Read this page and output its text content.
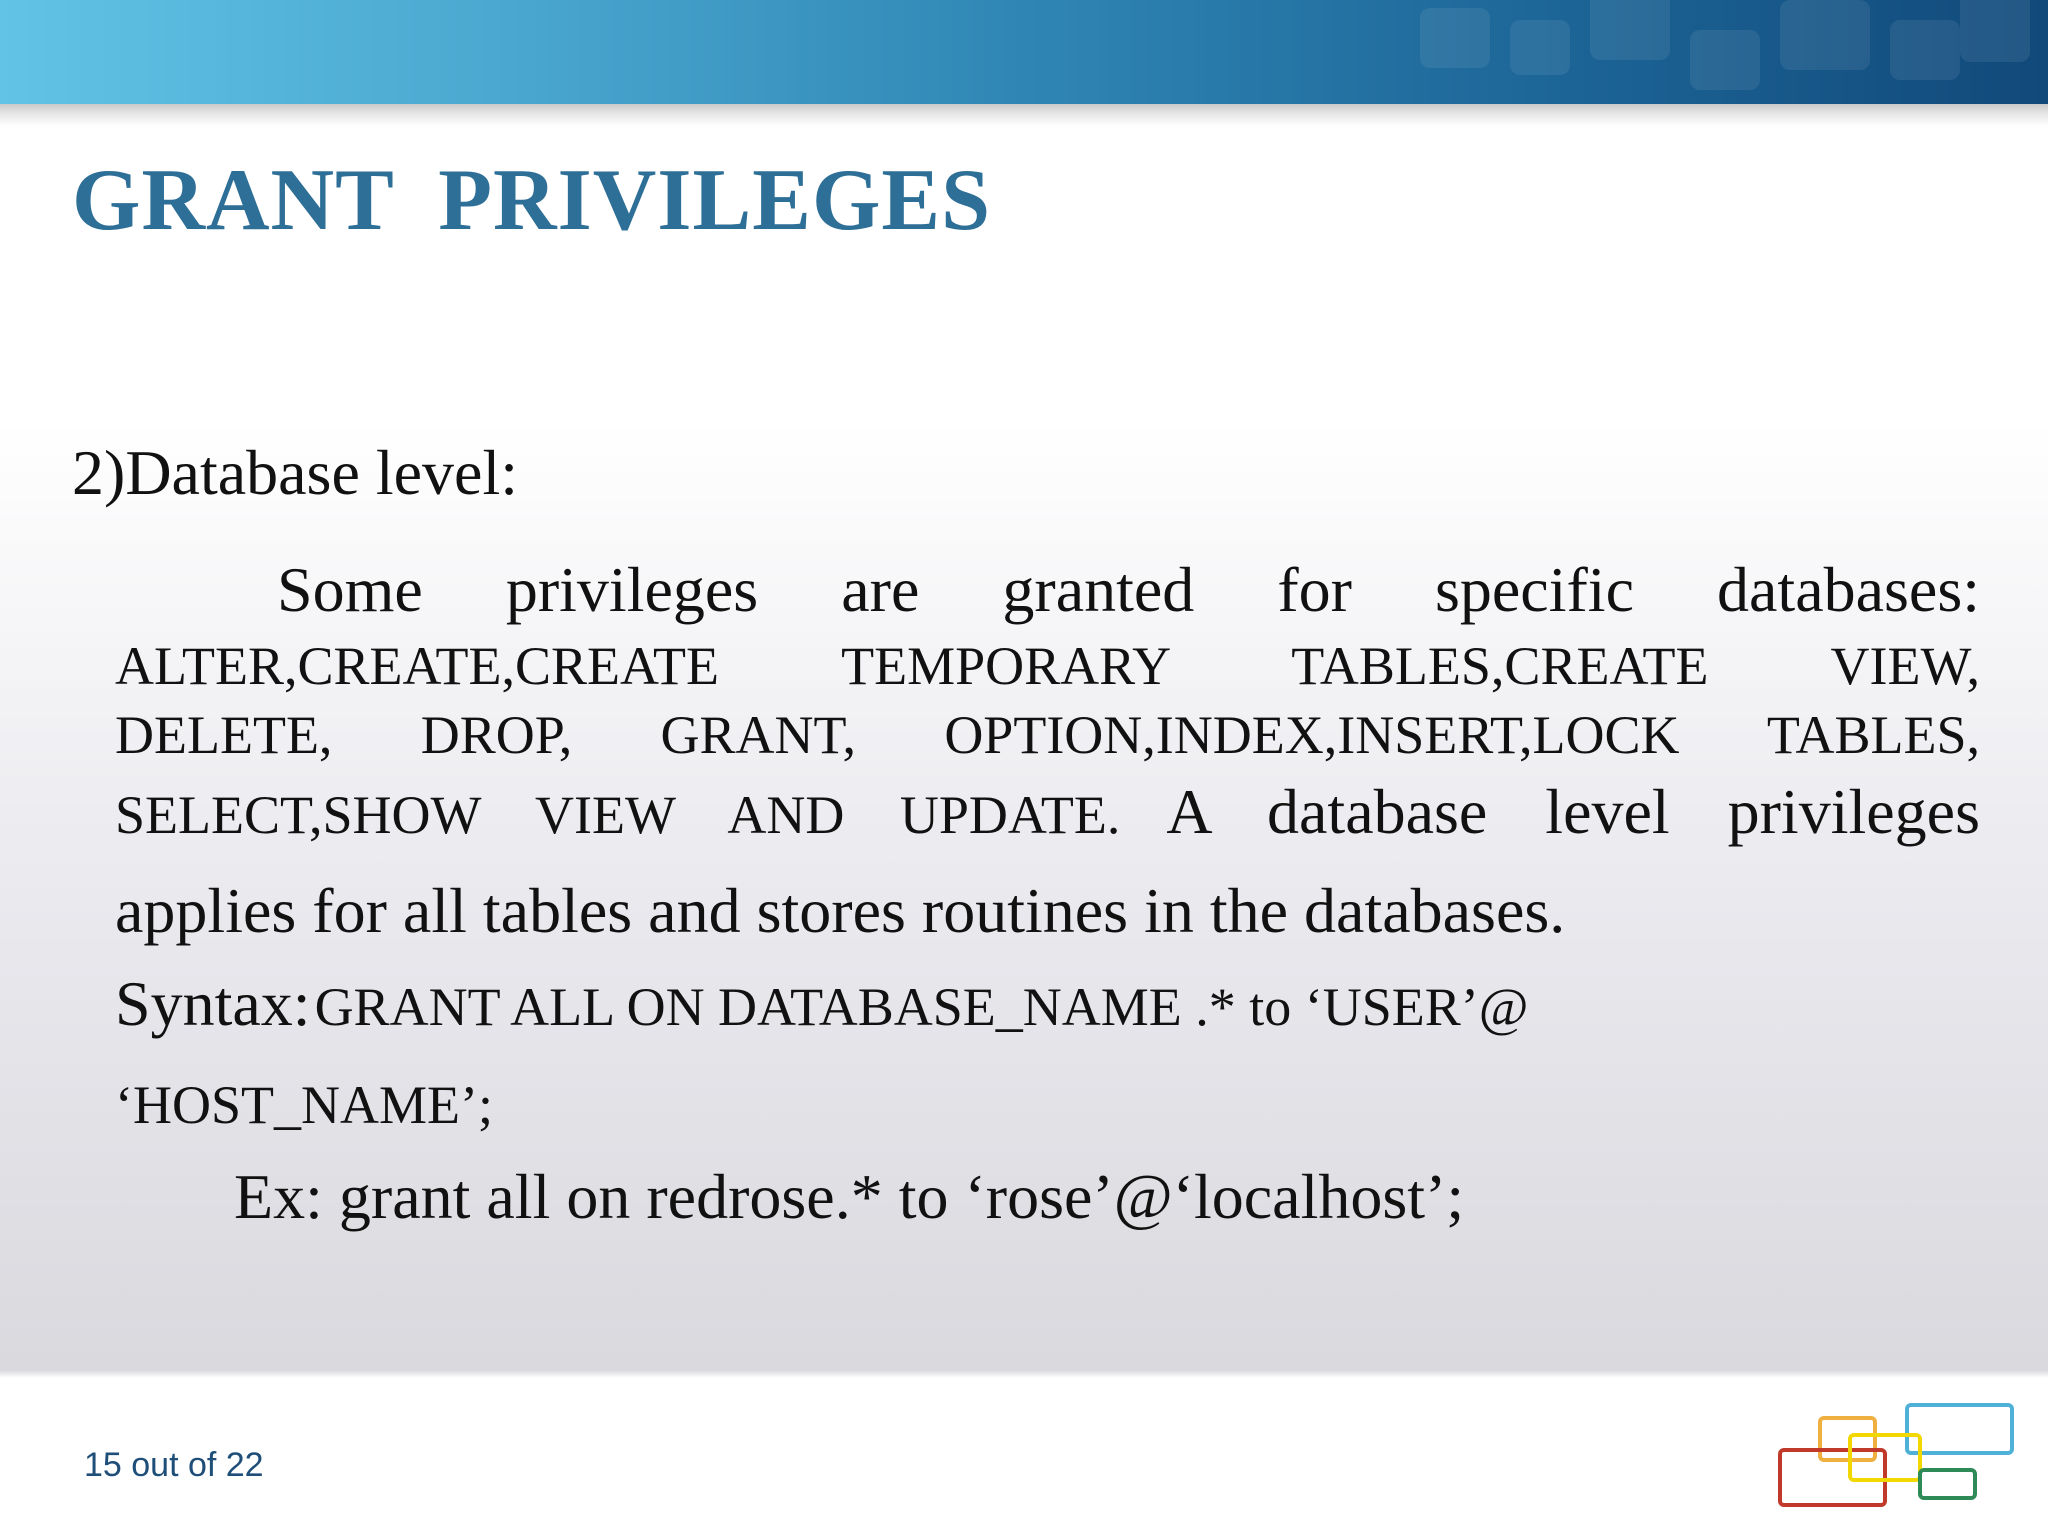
GRANT PRIVILEGES

2)Database level:

Some privileges are granted for specific databases:
ALTER,CREATE,CREATE TEMPORARY TABLES,CREATE VIEW,
DELETE, DROP, GRANT, OPTION,INDEX,INSERT,LOCK TABLES,
SELECT,SHOW VIEW AND UPDATE. A database level privileges
applies for all tables and stores routines in the databases.
Syntax: GRANT ALL ON DATABASE_NAME .* to ‘USER’@
‘HOST_NAME’;

Ex: grant all on redrose.* to ‘rose’@‘localhost’;

15 out of 22
